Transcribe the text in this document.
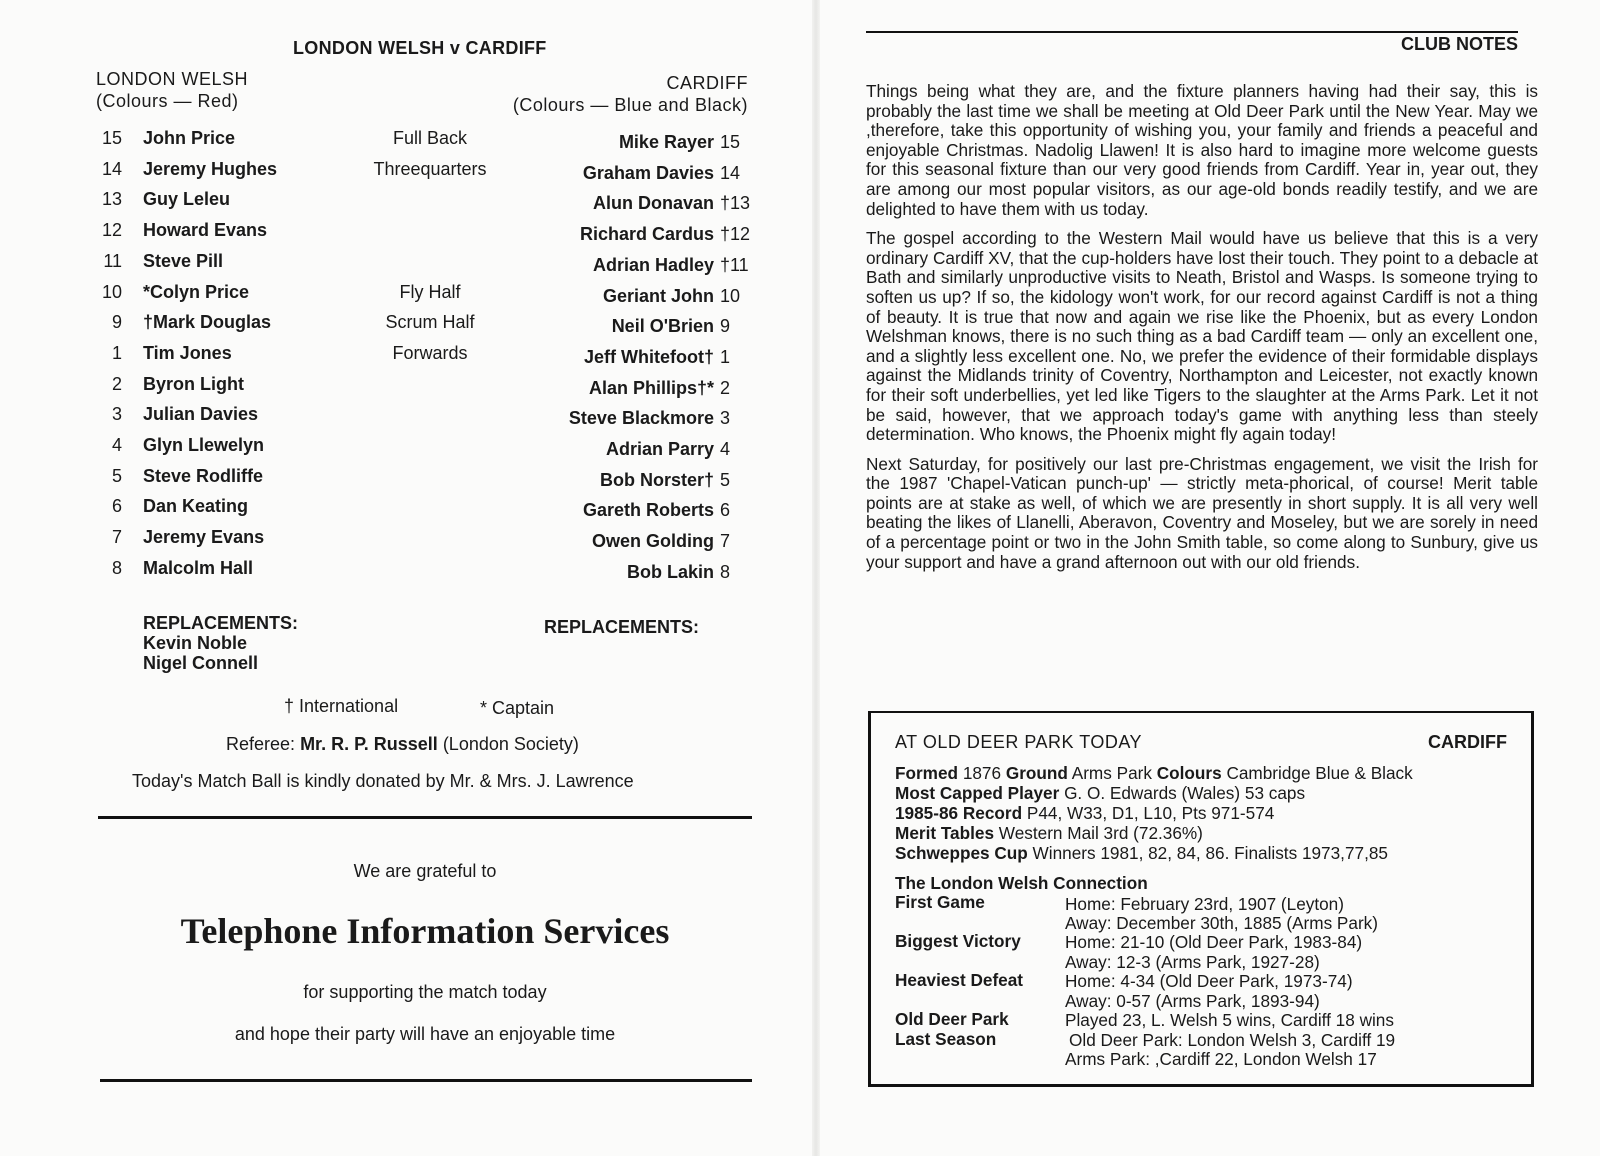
LONDON WELSH v CARDIFF
LONDON WELSH
(Colours — Red)
CARDIFF
(Colours — Blue and Black)
15 John Price	Full Back	Mike Rayer 15
14 Jeremy Hughes	Threequarters	Graham Davies 14
13 Guy Leleu	Alun Donavan †13
12 Howard Evans	Richard Cardus †12
11 Steve Pill	Adrian Hadley †11
10 *Colyn Price	Fly Half	Geriant John 10
9 †Mark Douglas	Scrum Half	Neil O'Brien 9
1 Tim Jones	Forwards	Jeff Whitefoot† 1
2 Byron Light	Alan Phillips†* 2
3 Julian Davies	Steve Blackmore 3
4 Glyn Llewelyn	Adrian Parry 4
5 Steve Rodliffe	Bob Norster† 5
6 Dan Keating	Gareth Roberts 6
7 Jeremy Evans	Owen Golding 7
8 Malcolm Hall	Bob Lakin 8
REPLACEMENTS:
Kevin Noble
Nigel Connell
REPLACEMENTS:
† International	* Captain
Referee: Mr. R. P. Russell (London Society)
Today's Match Ball is kindly donated by Mr. & Mrs. J. Lawrence
We are grateful to
Telephone Information Services
for supporting the match today
and hope their party will have an enjoyable time
CLUB NOTES

Things being what they are, and the fixture planners having had their say, this is probably the last time we shall be meeting at Old Deer Park until the New Year. May we ,therefore, take this opportunity of wishing you, your family and friends a peaceful and enjoyable Christmas. Nadolig Llawen! It is also hard to imagine more welcome guests for this seasonal fixture than our very good friends from Cardiff. Year in, year out, they are among our most popular visitors, as our age-old bonds readily testify, and we are delighted to have them with us today.

The gospel according to the Western Mail would have us believe that this is a very ordinary Cardiff XV, that the cup-holders have lost their touch. They point to a debacle at Bath and similarly unproductive visits to Neath, Bristol and Wasps. Is someone trying to soften us up? If so, the kidology won't work, for our record against Cardiff is not a thing of beauty. It is true that now and again we rise like the Phoenix, but as every London Welshman knows, there is no such thing as a bad Cardiff team — only an excellent one, and a slightly less excellent one. No, we prefer the evidence of their formidable displays against the Midlands trinity of Coventry, Northampton and Leicester, not exactly known for their soft underbellies, yet led like Tigers to the slaughter at the Arms Park. Let it not be said, however, that we approach today's game with anything less than steely determination. Who knows, the Phoenix might fly again today!

Next Saturday, for positively our last pre-Christmas engagement, we visit the Irish for the 1987 'Chapel-Vatican punch-up' — strictly meta-phorical, of course! Merit table points are at stake as well, of which we are presently in short supply. It is all very well beating the likes of Llanelli, Aberavon, Coventry and Moseley, but we are sorely in need of a percentage point or two in the John Smith table, so come along to Sunbury, give us your support and have a grand afternoon out with our old friends.

AT OLD DEER PARK TODAY	CARDIFF
Formed 1876 Ground Arms Park Colours Cambridge Blue & Black
Most Capped Player G. O. Edwards (Wales) 53 caps
1985-86 Record P44, W33, D1, L10, Pts 971-574
Merit Tables Western Mail 3rd (72.36%)
Schweppes Cup Winners 1981, 82, 84, 86. Finalists 1973,77,85
The London Welsh Connection
First Game	Home: February 23rd, 1907 (Leyton)
Away: December 30th, 1885 (Arms Park)
Biggest Victory	Home: 21-10 (Old Deer Park, 1983-84)
Away: 12-3 (Arms Park, 1927-28)
Heaviest Defeat Home: 4-34 (Old Deer Park, 1973-74)
Away: 0-57 (Arms Park, 1893-94)
Old Deer Park	Played 23, L. Welsh 5 wins, Cardiff 18 wins
Last Season	Old Deer Park: London Welsh 3, Cardiff 19
Arms Park: ,Cardiff 22, London Welsh 17
